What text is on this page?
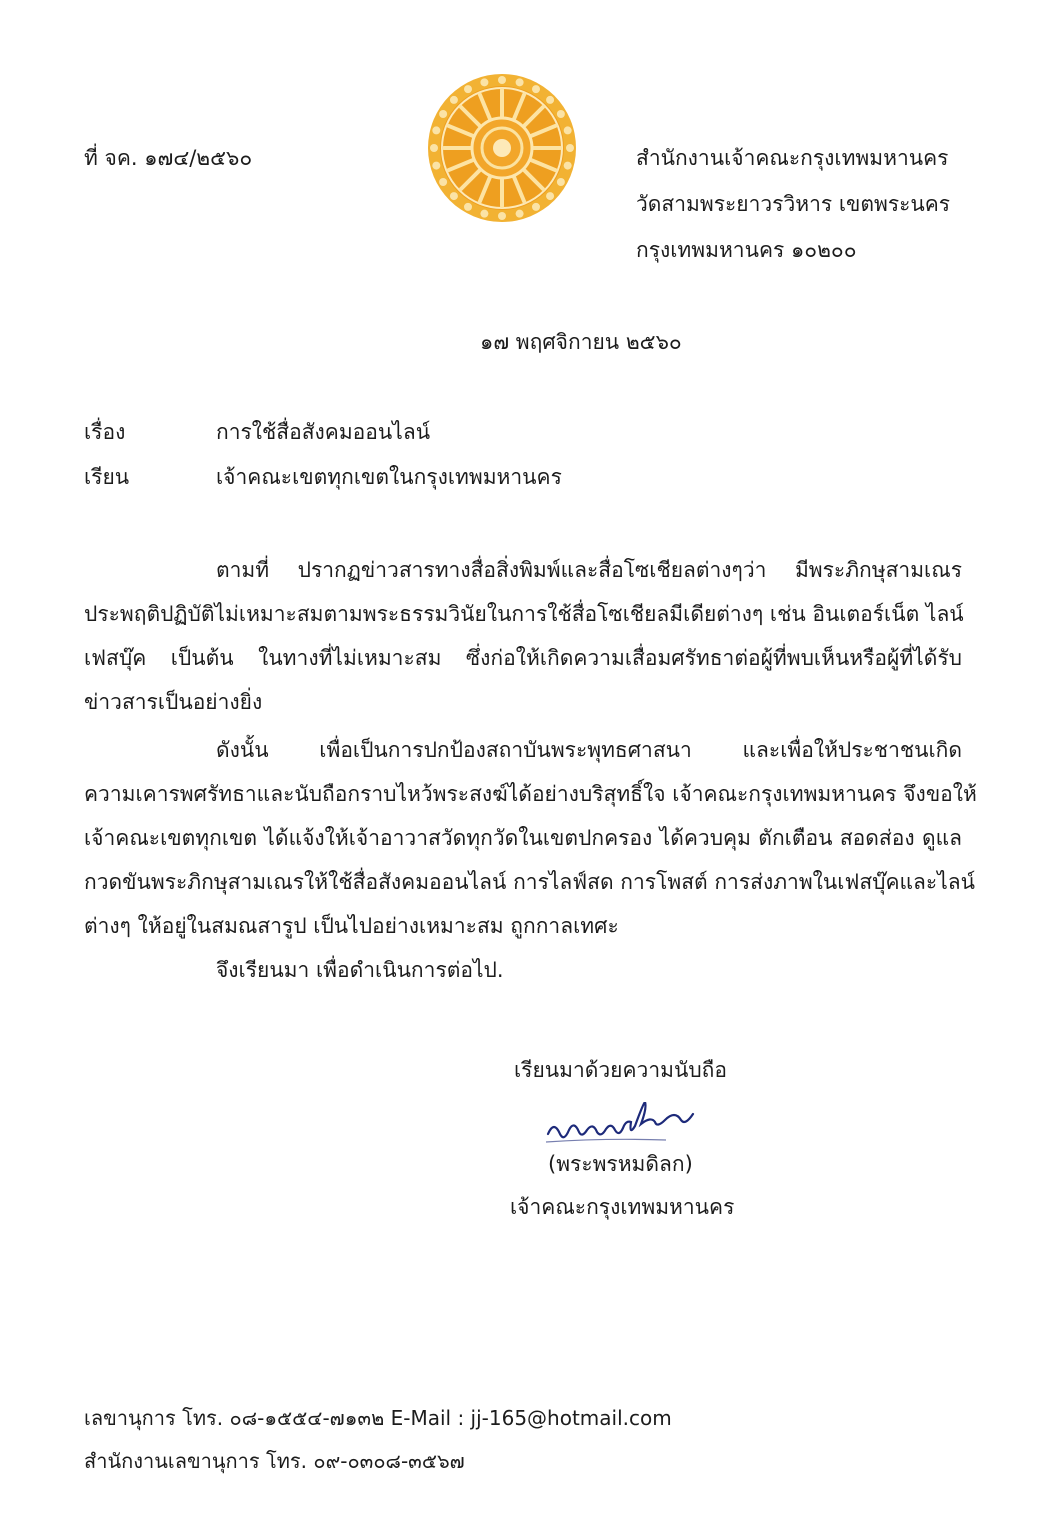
ที่ จค. ๑๗๔/๒๕๖๐	สำนักงานเจ้าคณะกรุงเทพมหานคร
วัดสามพระยาวรวิหาร เขตพระนคร
กรุงเทพมหานคร ๑๐๒๐๐
๑๗ พฤศจิกายน ๒๕๖๐
เรื่อง	การใช้สื่อสังคมออนไลน์
เรียน	เจ้าคณะเขตทุกเขตในกรุงเทพมหานคร
ตามที่ ปรากฏข่าวสารทางสื่อสิ่งพิมพ์และสื่อโซเชียลต่างๆว่า มีพระภิกษุสามเณร
ประพฤติปฏิบัติไม่เหมาะสมตามพระธรรมวินัยในการใช้สื่อโซเชียลมีเดียต่างๆ เช่น อินเตอร์เน็ต ไลน์
เฟสบุ๊ค เป็นต้น ในทางที่ไม่เหมาะสม ซึ่งก่อให้เกิดความเสื่อมศรัทธาต่อผู้ที่พบเห็นหรือผู้ที่ได้รับ
ข่าวสารเป็นอย่างยิ่ง
ดังนั้น เพื่อเป็นการปกป้องสถาบันพระพุทธศาสนา และเพื่อให้ประชาชนเกิด
ความเคารพศรัทธาและนับถือกราบไหว้พระสงฆ์ได้อย่างบริสุทธิ์ใจ เจ้าคณะกรุงเทพมหานคร จึงขอให้
เจ้าคณะเขตทุกเขต ได้แจ้งให้เจ้าอาวาสวัดทุกวัดในเขตปกครอง ได้ควบคุม ตักเตือน สอดส่อง ดูแล
กวดขันพระภิกษุสามเณรให้ใช้สื่อสังคมออนไลน์ การไลฟ์สด การโพสต์ การส่งภาพในเฟสบุ๊คและไลน์
ต่างๆ ให้อยู่ในสมณสารูป เป็นไปอย่างเหมาะสม ถูกกาลเทศะ
จึงเรียนมา เพื่อดำเนินการต่อไป.
เรียนมาด้วยความนับถือ
(พระพรหมดิลก)
เจ้าคณะกรุงเทพมหานคร
เลขานุการ โทร. ๐๘-๑๕๕๔-๗๑๓๒ E-Mail : jj-165@hotmail.com
สำนักงานเลขานุการ โทร. ๐๙-๐๓๐๘-๓๕๖๗
